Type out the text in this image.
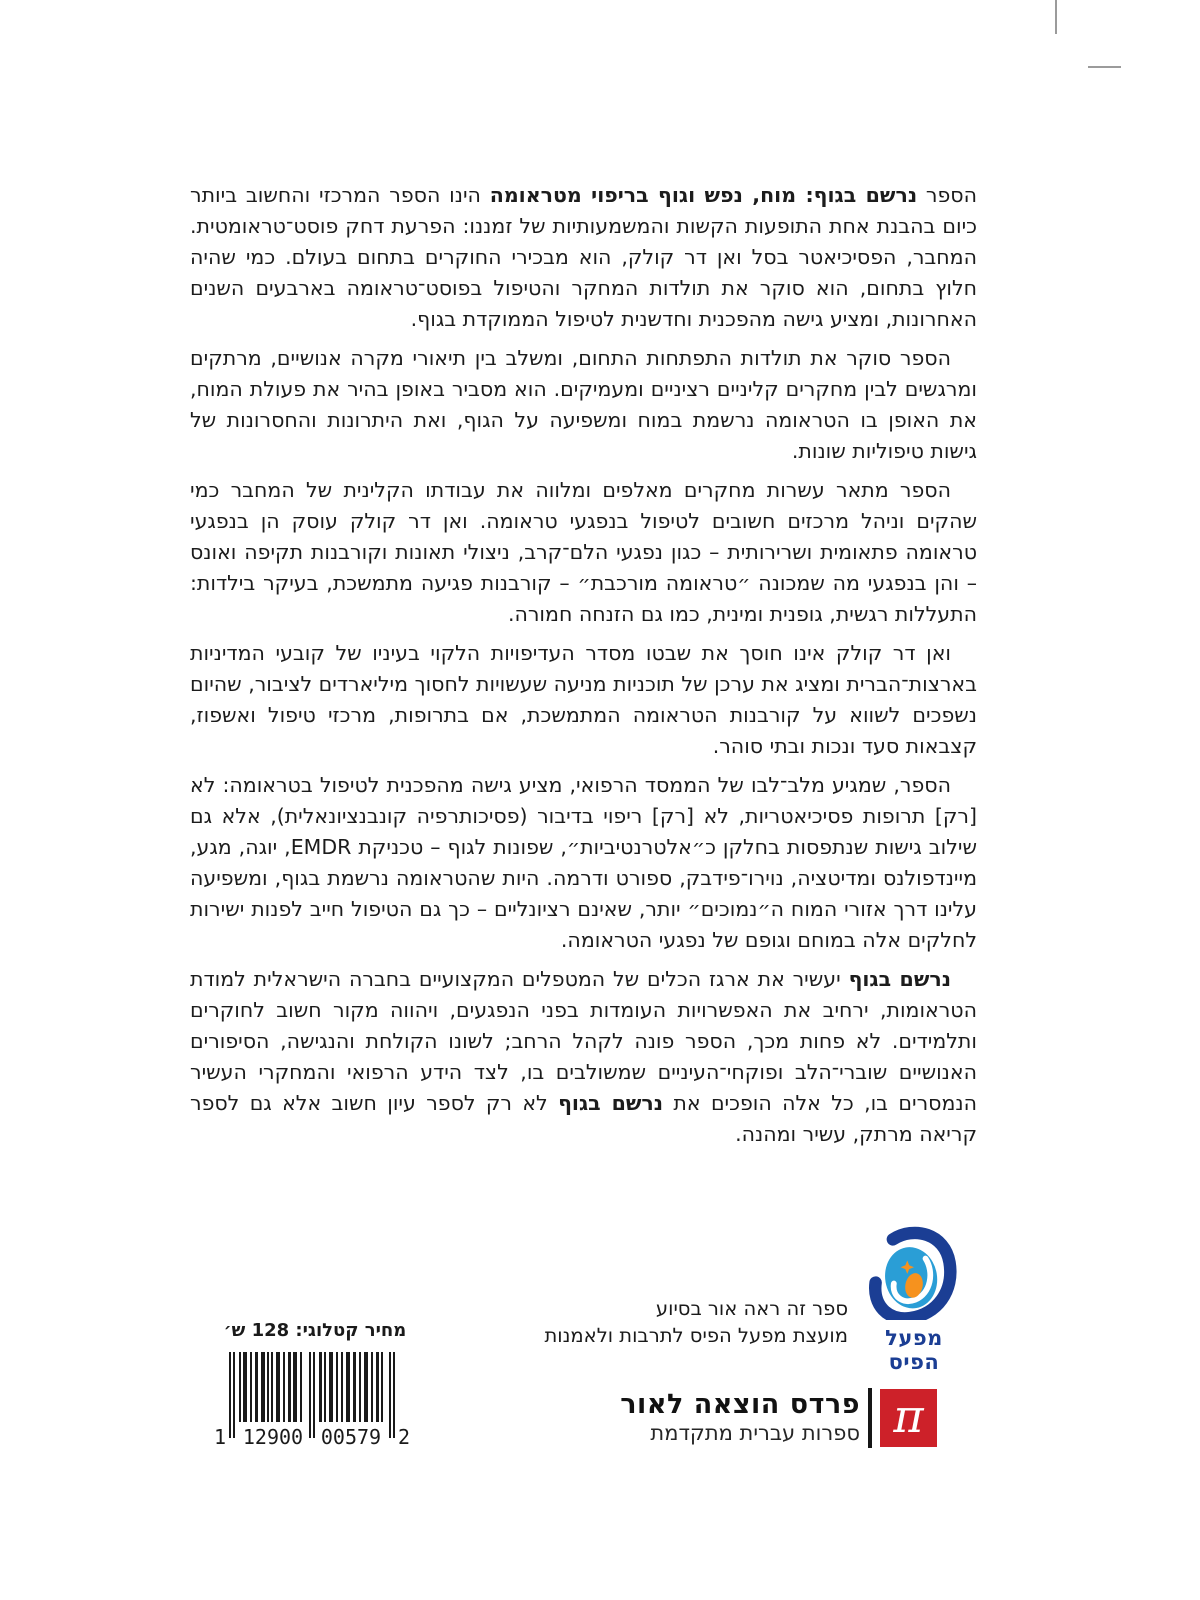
הספר נרשם בגוף: מוח, נפש וגוף בריפוי מטראומה הינו הספר המרכזי והחשוב ביותר כיום בהבנת אחת התופעות הקשות והמשמעותיות של זמננו: הפרעת דחק פוסט־טראומטית. המחבר, הפסיכיאטר בסל ואן דר קולק, הוא מבכירי החוקרים בתחום בעולם. כמי שהיה חלוץ בתחום, הוא סוקר את תולדות המחקר והטיפול בפוסט־טראומה בארבעים השנים האחרונות, ומציע גישה מהפכנית וחדשנית לטיפול הממוקדת בגוף.

הספר סוקר את תולדות התפתחות התחום, ומשלב בין תיאורי מקרה אנושיים, מרתקים ומרגשים לבין מחקרים קליניים רציניים ומעמיקים. הוא מסביר באופן בהיר את פעולת המוח, את האופן בו הטראומה נרשמת במוח ומשפיעה על הגוף, ואת היתרונות והחסרונות של גישות טיפוליות שונות.

הספר מתאר עשרות מחקרים מאלפים ומלווה את עבודתו הקלינית של המחבר כמי שהקים וניהל מרכזים חשובים לטיפול בנפגעי טראומה. ואן דר קולק עוסק הן בנפגעי טראומה פתאומית ושרירותית – כגון נפגעי הלם־קרב, ניצולי תאונות וקורבנות תקיפה ואונס – והן בנפגעי מה שמכונה ״טראומה מורכבת״ – קורבנות פגיעה מתמשכת, בעיקר בילדות: התעללות רגשית, גופנית ומינית, כמו גם הזנחה חמורה.

ואן דר קולק אינו חוסך את שבטו מסדר העדיפויות הלקוי בעיניו של קובעי המדיניות בארצות־הברית ומציג את ערכן של תוכניות מניעה שעשויות לחסוך מיליארדים לציבור, שהיום נשפכים לשווא על קורבנות הטראומה המתמשכת, אם בתרופות, מרכזי טיפול ואשפוז, קצבאות סעד ונכות ובתי סוהר.

הספר, שמגיע מלב־לבו של הממסד הרפואי, מציע גישה מהפכנית לטיפול בטראומה: לא [רק] תרופות פסיכיאטריות, לא [רק] ריפוי בדיבור (פסיכותרפיה קונבנציונאלית), אלא גם שילוב גישות שנתפסות בחלקן כ״אלטרנטיביות״, שפונות לגוף – טכניקת EMDR, יוגה, מגע, מיינדפולנס ומדיטציה, נוירו־פידבק, ספורט ודרמה. היות שהטראומה נרשמת בגוף, ומשפיעה עלינו דרך אזורי המוח ה״נמוכים״ יותר, שאינם רציונליים – כך גם הטיפול חייב לפנות ישירות לחלקים אלה במוחם וגופם של נפגעי הטראומה.

נרשם בגוף יעשיר את ארגז הכלים של המטפלים המקצועיים בחברה הישראלית למודת הטראומות, ירחיב את האפשרויות העומדות בפני הנפגעים, ויהווה מקור חשוב לחוקרים ותלמידים. לא פחות מכך, הספר פונה לקהל הרחב; לשונו הקולחת והנגישה, הסיפורים האנושיים שוברי־הלב ופוקחי־העיניים שמשולבים בו, לצד הידע הרפואי והמחקרי העשיר הנמסרים בו, כל אלה הופכים את נרשם בגוף לא רק לספר עיון חשוב אלא גם לספר קריאה מרתק, עשיר ומהנה.

ספר זה ראה אור בסיוע
מועצת מפעל הפיס לתרבות ולאמנות	מפעל הפיס
מחיר קטלוגי: 128 ש׳
1 12900 00579 2	π
פרדס הוצאה לאור
ספרות עברית מתקדמת
